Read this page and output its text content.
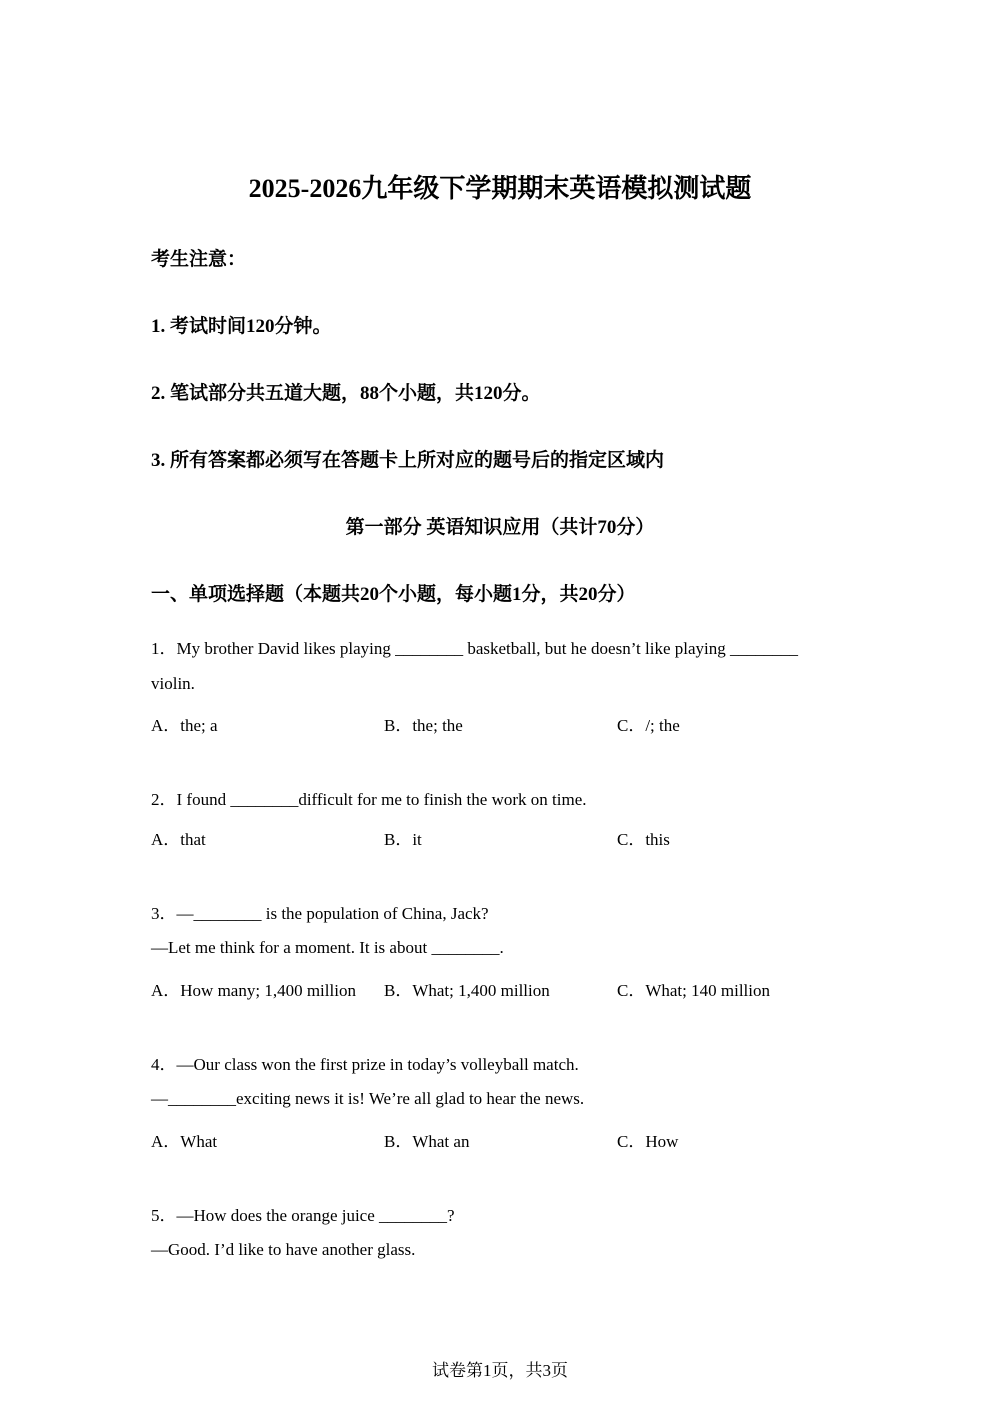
2025-2026九年级下学期期末英语模拟测试题
考生注意：
1. 考试时间120分钟。
2. 笔试部分共五道大题，88个小题，共120分。
3. 所有答案都必须写在答题卡上所对应的题号后的指定区域内
第一部分 英语知识应用（共计70分）
一、单项选择题（本题共20个小题，每小题1分，共20分）
1．My brother David likes playing ________ basketball, but he doesn’t like playing ________
violin.
A．the; a	B．the; the	C．/; the
2．I found ________difficult for me to finish the work on time.
A．that	B．it	C．this
3．—________ is the population of China, Jack?
—Let me think for a moment. It is about ________.
A．How many; 1,400 million B．What; 1,400 million	C．What; 140 million
4．—Our class won the first prize in today’s volleyball match.
—________exciting news it is! We’re all glad to hear the news.
A．What	B．What an	C．How
5．—How does the orange juice ________?
—Good. I’d like to have another glass.
试卷第1页，共3页
